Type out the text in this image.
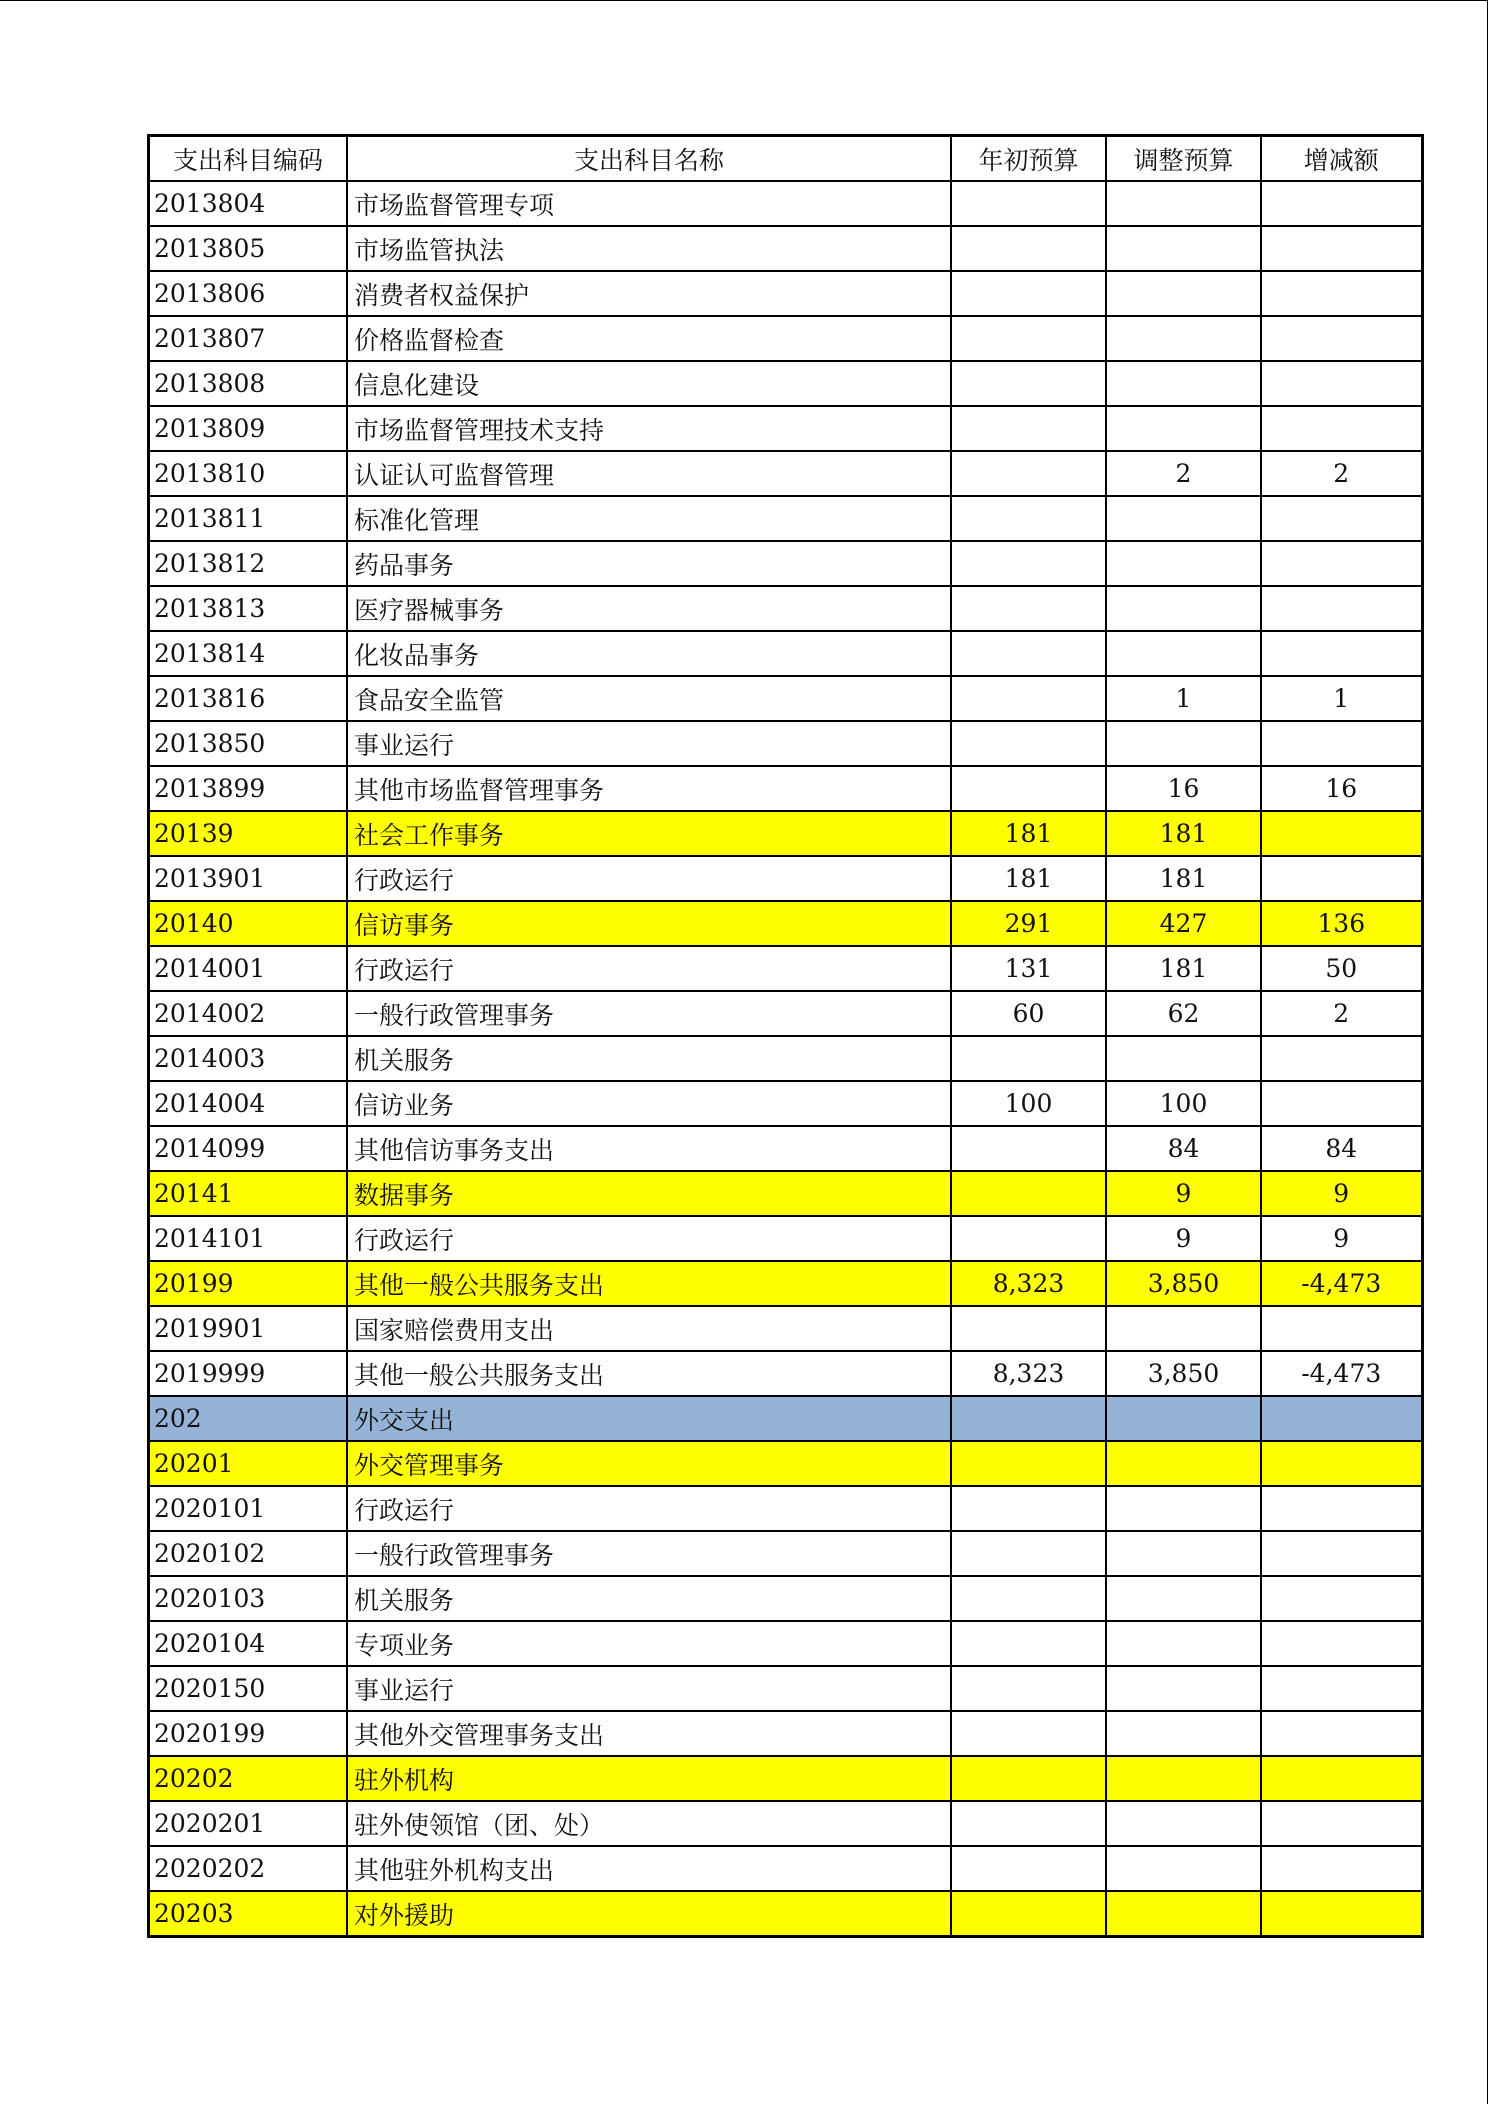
支出科目编码	支出科目名称	年初预算	调整预算	增减额
2013804	市场监督管理专项			
2013805	市场监管执法			
2013806	消费者权益保护			
2013807	价格监督检查			
2013808	信息化建设			
2013809	市场监督管理技术支持			
2013810	认证认可监督管理		2	2
2013811	标准化管理			
2013812	药品事务			
2013813	医疗器械事务			
2013814	化妆品事务			
2013816	食品安全监管		1	1
2013850	事业运行			
2013899	其他市场监督管理事务		16	16
20139	社会工作事务	181	181	
2013901	行政运行	181	181	
20140	信访事务	291	427	136
2014001	行政运行	131	181	50
2014002	一般行政管理事务	60	62	2
2014003	机关服务			
2014004	信访业务	100	100	
2014099	其他信访事务支出		84	84
20141	数据事务		9	9
2014101	行政运行		9	9
20199	其他一般公共服务支出	8,323	3,850	-4,473
2019901	国家赔偿费用支出			
2019999	其他一般公共服务支出	8,323	3,850	-4,473
202	外交支出			
20201	外交管理事务			
2020101	行政运行			
2020102	一般行政管理事务			
2020103	机关服务			
2020104	专项业务			
2020150	事业运行			
2020199	其他外交管理事务支出			
20202	驻外机构			
2020201	驻外使领馆（团、处）			
2020202	其他驻外机构支出			
20203	对外援助			
